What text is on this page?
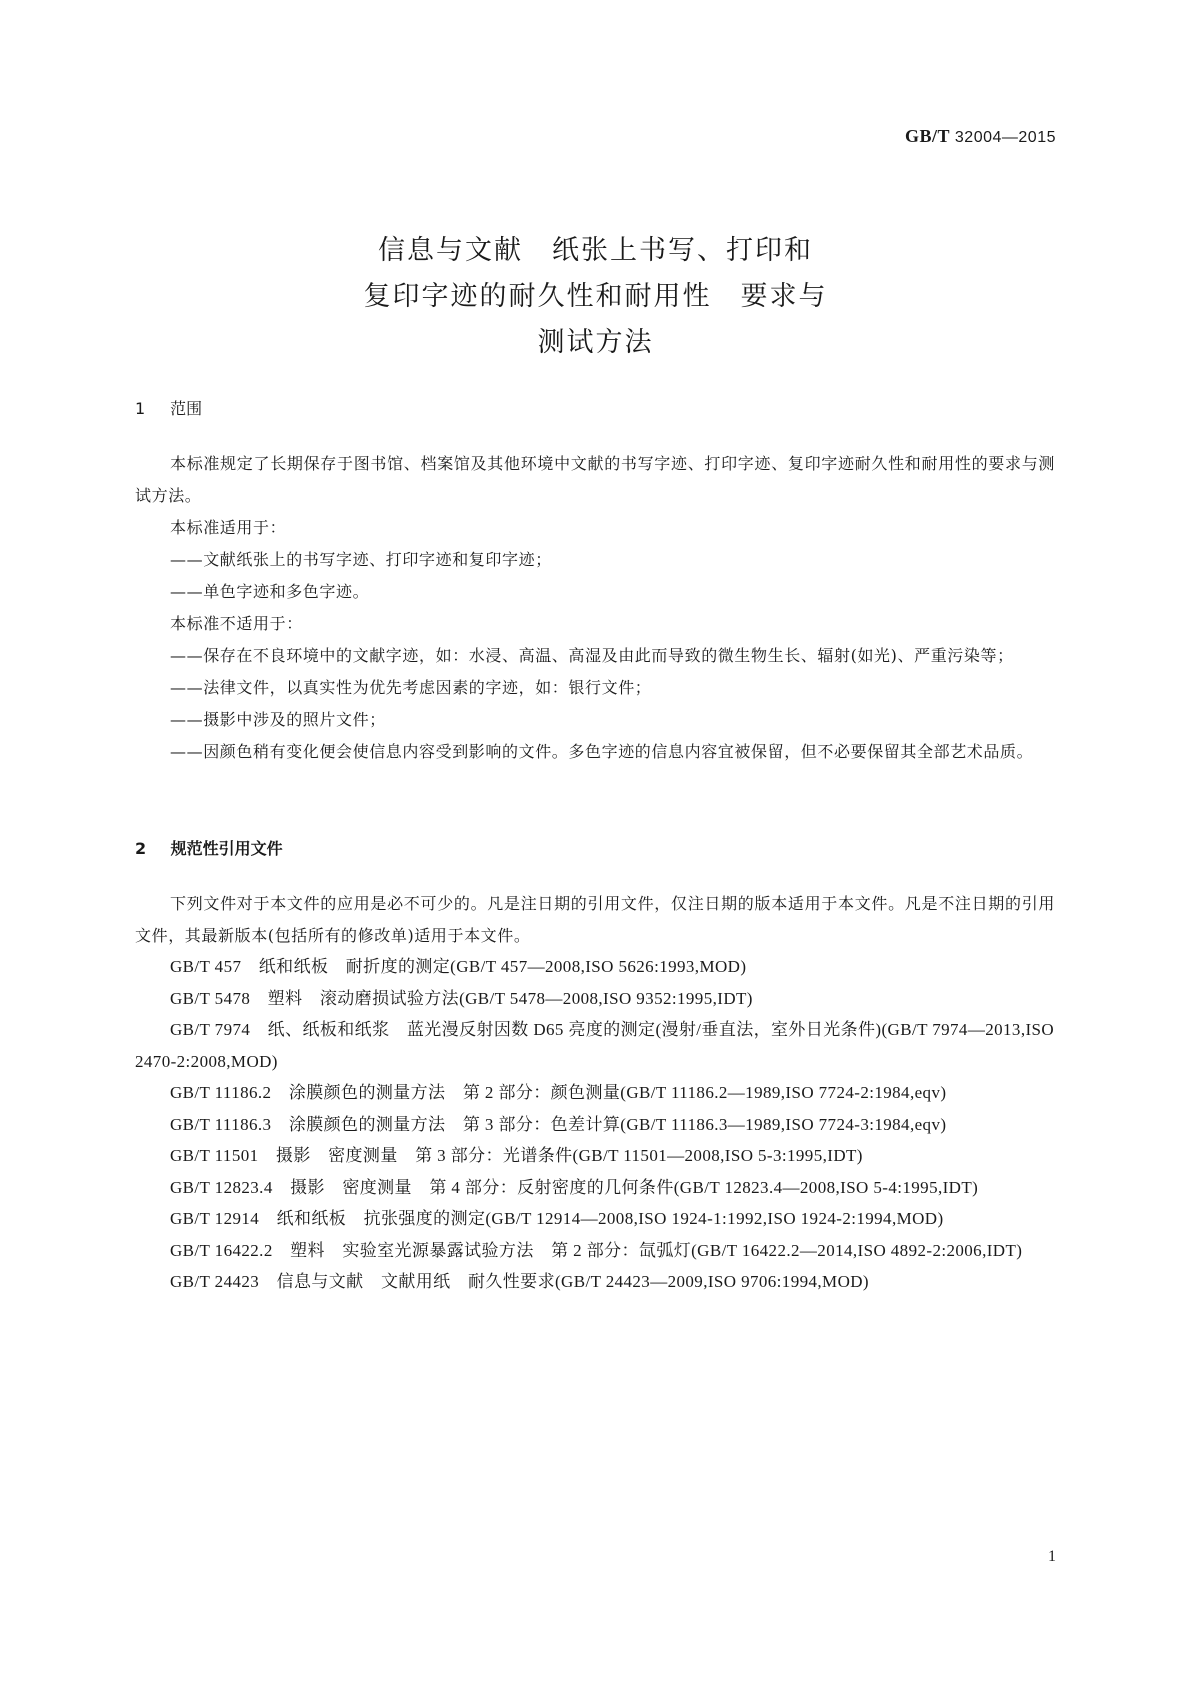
GB/T 32004—2015
信息与文献　纸张上书写、打印和
复印字迹的耐久性和耐用性　要求与
测试方法
1 范围
本标准规定了长期保存于图书馆、档案馆及其他环境中文献的书写字迹、打印字迹、复印字迹耐久性和耐用性的要求与测试方法。
本标准适用于：
—— 文献纸张上的书写字迹、打印字迹和复印字迹；
—— 单色字迹和多色字迹。
本标准不适用于：
—— 保存在不良环境中的文献字迹，如：水浸、高温、高湿及由此而导致的微生物生长、辐射(如光)、严重污染等；
—— 法律文件，以真实性为优先考虑因素的字迹，如：银行文件；
—— 摄影中涉及的照片文件；
—— 因颜色稍有变化便会使信息内容受到影响的文件。多色字迹的信息内容宜被保留，但不必要保留其全部艺术品质。
2 规范性引用文件
下列文件对于本文件的应用是必不可少的。凡是注日期的引用文件，仅注日期的版本适用于本文件。凡是不注日期的引用文件，其最新版本(包括所有的修改单)适用于本文件。
GB/T 457　纸和纸板　耐折度的测定(GB/T 457—2008,ISO 5626:1993,MOD)
GB/T 5478　塑料　滚动磨损试验方法(GB/T 5478—2008,ISO 9352:1995,IDT)
GB/T 7974　纸、纸板和纸浆　蓝光漫反射因数 D65 亮度的测定(漫射/垂直法，室外日光条件)(GB/T 7974—2013,ISO 2470-2:2008,MOD)
GB/T 11186.2　涂膜颜色的测量方法　第 2 部分：颜色测量(GB/T 11186.2—1989,ISO 7724-2:1984,eqv)
GB/T 11186.3　涂膜颜色的测量方法　第 3 部分：色差计算(GB/T 11186.3—1989,ISO 7724-3:1984,eqv)
GB/T 11501　摄影　密度测量　第 3 部分：光谱条件(GB/T 11501—2008,ISO 5-3:1995,IDT)
GB/T 12823.4　摄影　密度测量　第 4 部分：反射密度的几何条件(GB/T 12823.4—2008,ISO 5-4:1995,IDT)
GB/T 12914　纸和纸板　抗张强度的测定(GB/T 12914—2008,ISO 1924-1:1992,ISO 1924-2:1994,MOD)
GB/T 16422.2　塑料　实验室光源暴露试验方法　第 2 部分：氙弧灯(GB/T 16422.2—2014,ISO 4892-2:2006,IDT)
GB/T 24423　信息与文献　文献用纸　耐久性要求(GB/T 24423—2009,ISO 9706:1994,MOD)
1
